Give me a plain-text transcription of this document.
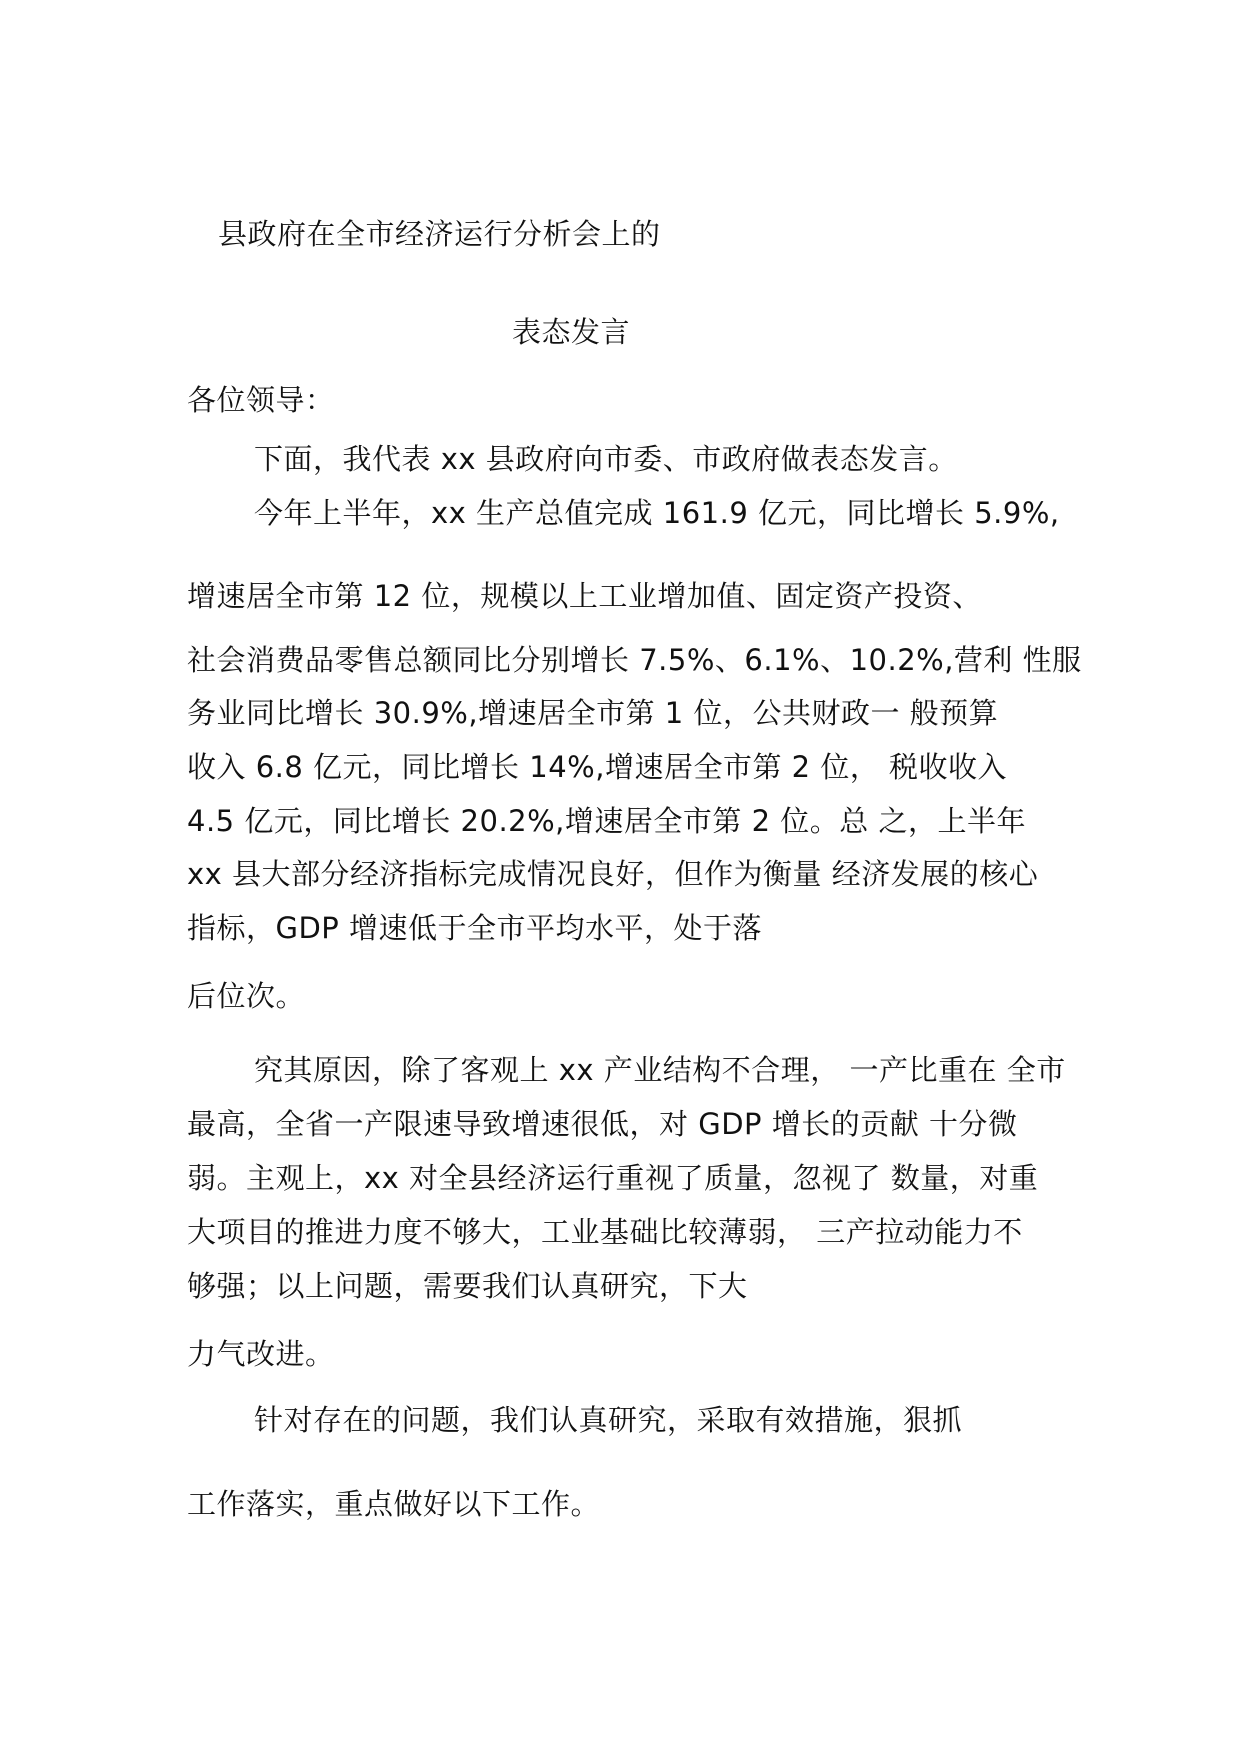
县政府在全市经济运行分析会上的
表态发言
各位领导：
下面，我代表 xx 县政府向市委、市政府做表态发言。
今年上半年，xx 生产总值完成 161.9 亿元，同比增长 5.9%,
增速居全市第 12 位，规模以上工业增加值、固定资产投资、
社会消费品零售总额同比分别增长 7.5%、6.1%、10.2%,营利 性服
务业同比增长 30.9%,增速居全市第 1 位，公共财政一 般预算
收入 6.8 亿元，同比增长 14%,增速居全市第 2 位， 税收收入
4.5 亿元，同比增长 20.2%,增速居全市第 2 位。总 之，上半年
xx 县大部分经济指标完成情况良好，但作为衡量 经济发展的核心
指标，GDP 增速低于全市平均水平，处于落
后位次。
究其原因，除了客观上 xx 产业结构不合理， 一产比重在 全市
最高，全省一产限速导致增速很低，对 GDP 增长的贡献 十分微
弱。主观上，xx 对全县经济运行重视了质量，忽视了 数量，对重
大项目的推进力度不够大，工业基础比较薄弱， 三产拉动能力不
够强；以上问题，需要我们认真研究，下大
力气改进。
针对存在的问题，我们认真研究，采取有效措施，狠抓
工作落实，重点做好以下工作。
